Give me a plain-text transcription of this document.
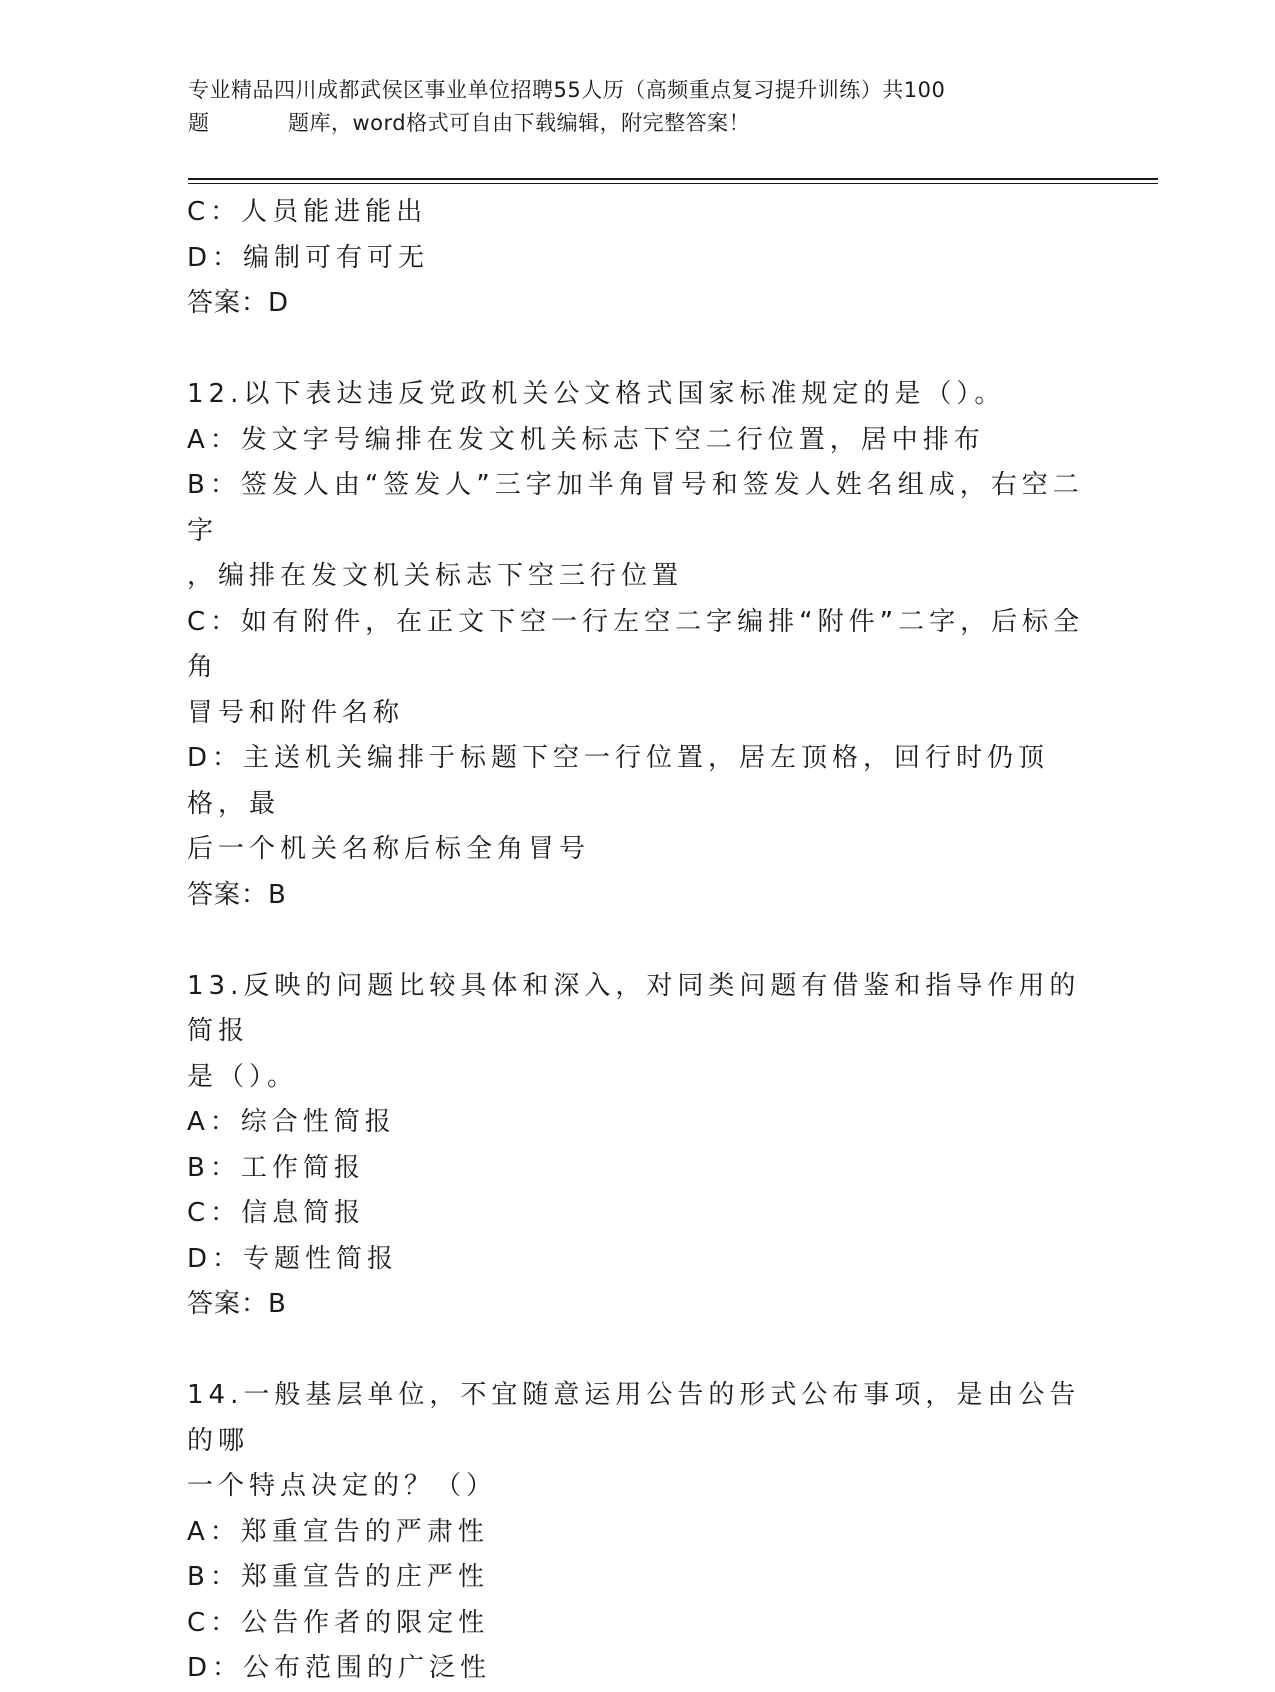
专业精品四川成都武侯区事业单位招聘55人历（高频重点复习提升训练）共100
题	题库，word格式可自由下载编辑，附完整答案！

C：人员能进能出

D：编制可有可无

答案：D

12.以下表达违反党政机关公文格式国家标准规定的是（）。

A：发文字号编排在发文机关标志下空二行位置，居中排布

B：签发人由“签发人”三字加半角冒号和签发人姓名组成，右空二字

，编排在发文机关标志下空三行位置

C：如有附件，在正文下空一行左空二字编排“附件”二字，后标全角

冒号和附件名称

D：主送机关编排于标题下空一行位置，居左顶格，回行时仍顶格，最

后一个机关名称后标全角冒号

答案：B

13.反映的问题比较具体和深入，对同类问题有借鉴和指导作用的简报

是（）。

A：综合性简报

B：工作简报

C：信息简报

D：专题性简报

答案：B

14.一般基层单位，不宜随意运用公告的形式公布事项，是由公告的哪

一个特点决定的？（）

A：郑重宣告的严肃性

B：郑重宣告的庄严性

C：公告作者的限定性

D：公布范围的广泛性
